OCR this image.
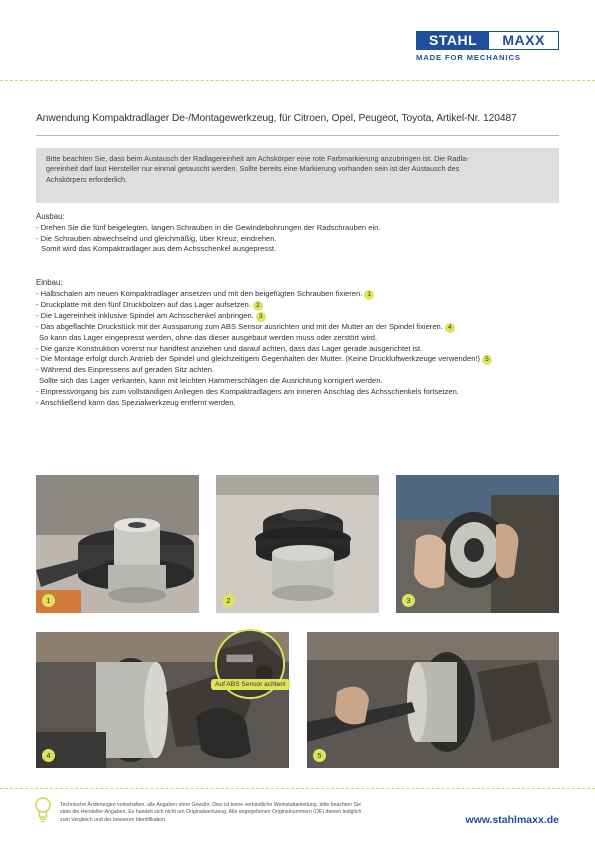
STAHL	MAXX
MADE FOR MECHANICS
Anwendung Kompaktradlager De-/Montagewerkzeug, für Citroen, Opel, Peugeot, Toyota, Artikel-Nr. 120487
Bitte beachten Sie, dass beim Austausch der Radlagereinheit am Achskörper eine rote Farbmarkierung anzubringen ist. Die Radla-
gereinheit darf laut Hersteller nur einmal getauscht werden. Sollte bereits eine Markierung vorhanden sein ist der Austausch des
Achskörpers erforderlich.
Ausbau:
- Drehen Sie die fünf beigelegten, langen Schrauben in die Gewindebohrungen der Radschrauben ein.
- Die Schrauben abwechselnd und gleichmäßig, über Kreuz, eindrehen.
Somit wird das Kompaktradlager aus dem Achsschenkel ausgepresst.
Einbau:
- Halbschalen am neuen Kompaktradlager ansetzen und mit den beigefügten Schrauben fixieren. 1
- Druckplatte mit den fünf Druckbolzen auf das Lager aufsetzen. 2
- Die Lagereinheit inklusive Spindel am Achsschenkel anbringen. 3
- Das abgeflachte Druckstück mit der Aussparung zum ABS Sensor ausrichten und mit der Mutter an der Spindel fixieren. 4
So kann das Lager eingepresst werden, ohne das dieser ausgebaut werden muss oder zerstört wird.
- Die ganze Konstruktion vorerst nur handfest anziehen und darauf achten, dass das Lager gerade ausgerichtet ist.
- Die Montage erfolgt durch Antrieb der Spindel und gleichzeitigem Gegenhalten der Mutter. (Keine Druckluftwerkzeuge verwenden!) 5
- Während des Einpressens auf geraden Sitz achten.
Sollte sich das Lager verkanten, kann mit leichten Hammerschlägen die Ausrichtung korrigiert werden.
- Einpressvorgang bis zum vollständigen Anliegen des Kompaktradlagers am inneren Anschlag des Achsschenkels fortsetzen.
- Anschließend kann das Spezialwerkzeug entfernt werden.
1	2	3
4
Auf ABS Sensor achten!
5
Technische Änderungen vorbehalten, alle Angaben ohne Gewähr. Dies ist keine verbindliche Werkstattanleitung, bitte beachten Sie
stets die Hersteller-Angaben. Es handelt sich nicht um Originalwerkzeug. Alle angegebenen Originalnummern (OE) dienen lediglich
zum Vergleich und der besseren Identifikation.	www.stahlmaxx.de
